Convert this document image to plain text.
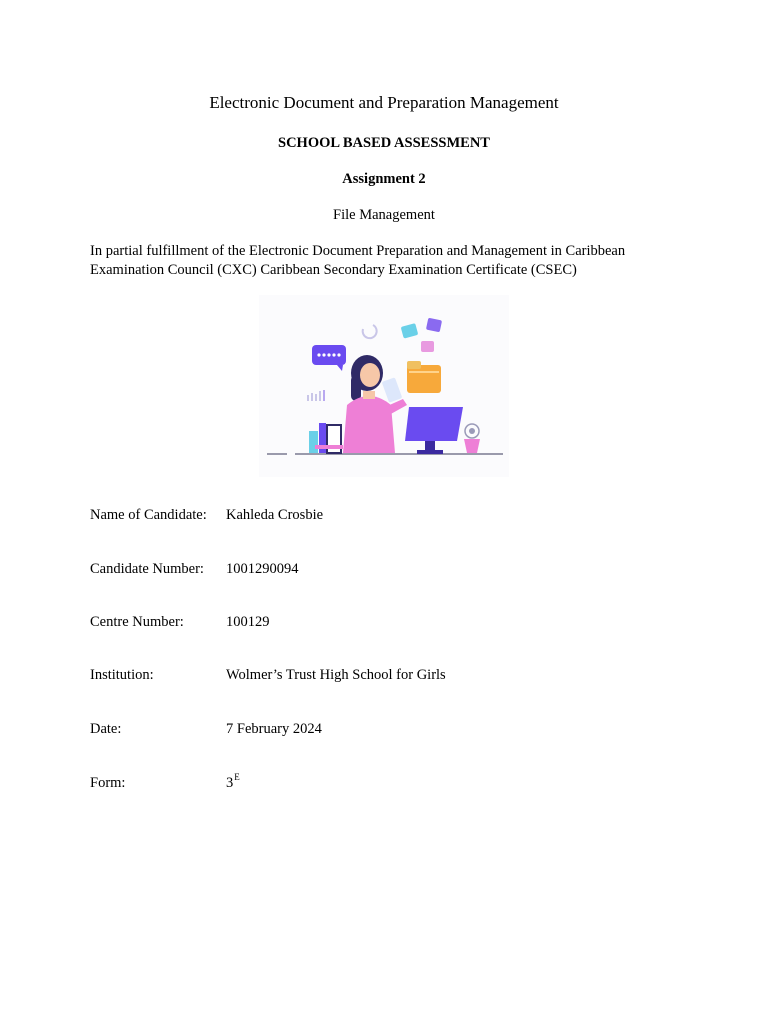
Electronic Document and Preparation Management
SCHOOL BASED ASSESSMENT
Assignment 2
File Management
In partial fulfillment of the Electronic Document Preparation and Management in Caribbean
Examination Council (CXC) Caribbean Secondary Examination Certificate (CSEC)
Name of Candidate: Kahleda Crosbie
Candidate Number: 1001290094
Centre Number:	100129
Institution:	Wolmer’s Trust High School for Girls
Date:	7 February 2024
Form:	$3^E$
